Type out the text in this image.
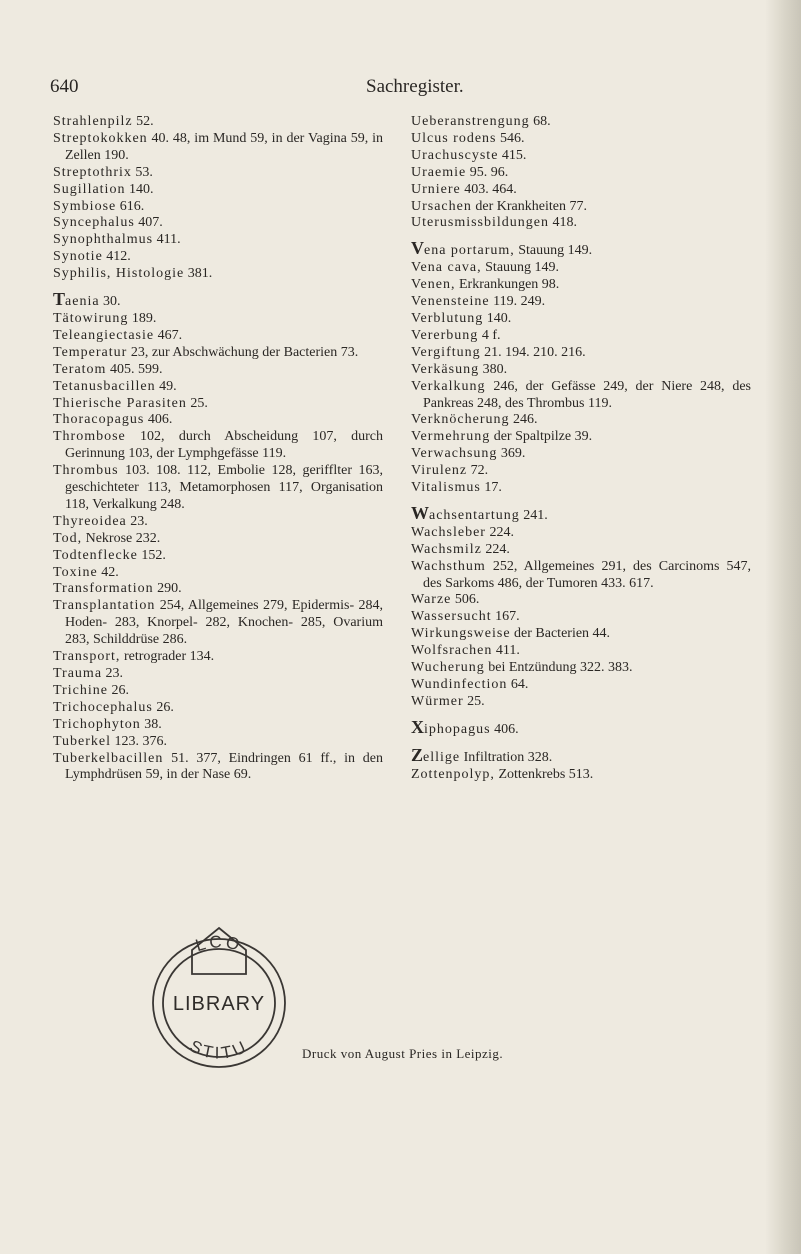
640	Sachregister.
Strahlenpilz 52.
Streptokokken 40. 48, im Mund 59, in der Vagina 59, in Zellen 190.
Streptothrix 53.
Sugillation 140.
Symbiose 616.
Syncephalus 407.
Synophthalmus 411.
Synotie 412.
Syphilis, Histologie 381.
Taenia 30.
Tätowirung 189.
Teleangiectasie 467.
Temperatur 23, zur Abschwächung der Bacterien 73.
Teratom 405. 599.
Tetanusbacillen 49.
Thierische Parasiten 25.
Thoracopagus 406.
Thrombose 102, durch Abscheidung 107, durch Gerinnung 103, der Lymphgefässe 119.
Thrombus 103. 108. 112, Embolie 128, gerifflter 163, geschichteter 113, Metamorphosen 117, Organisation 118, Verkalkung 248.
Thyreoidea 23.
Tod, Nekrose 232.
Todtenflecke 152.
Toxine 42.
Transformation 290.
Transplantation 254, Allgemeines 279, Epidermis- 284, Hoden- 283, Knorpel- 282, Knochen- 285, Ovarium 283, Schilddrüse 286.
Transport, retrograder 134.
Trauma 23.
Trichine 26.
Trichocephalus 26.
Trichophyton 38.
Tuberkel 123. 376.
Tuberkelbacillen 51. 377, Eindringen 61 ff., in den Lymphdrüsen 59, in der Nase 69.
Ueberanstrengung 68.
Ulcus rodens 546.
Urachuscyste 415.
Uraemie 95. 96.
Urniere 403. 464.
Ursachen der Krankheiten 77.
Uterusmissbildungen 418.
Vena portarum, Stauung 149.
Vena cava, Stauung 149.
Venen, Erkrankungen 98.
Venensteine 119. 249.
Verblutung 140.
Vererbung 4 f.
Vergiftung 21. 194. 210. 216.
Verkäsung 380.
Verkalkung 246, der Gefässe 249, der Niere 248, des Pankreas 248, des Thrombus 119.
Verknöcherung 246.
Vermehrung der Spaltpilze 39.
Verwachsung 369.
Virulenz 72.
Vitalismus 17.
Wachsentartung 241.
Wachsleber 224.
Wachsmilz 224.
Wachsthum 252, Allgemeines 291, des Carcinoms 547, des Sarkoms 486, der Tumoren 433. 617.
Warze 506.
Wassersucht 167.
Wirkungsweise der Bacterien 44.
Wolfsrachen 411.
Wucherung bei Entzündung 322. 383.
Wundinfection 64.
Würmer 25.
Xiphopagus 406.
Zellige Infiltration 328.
Zottenpolyp, Zottenkrebs 513.
LCO
LIBRARY
STITU	Druck von August Pries in Leipzig.
